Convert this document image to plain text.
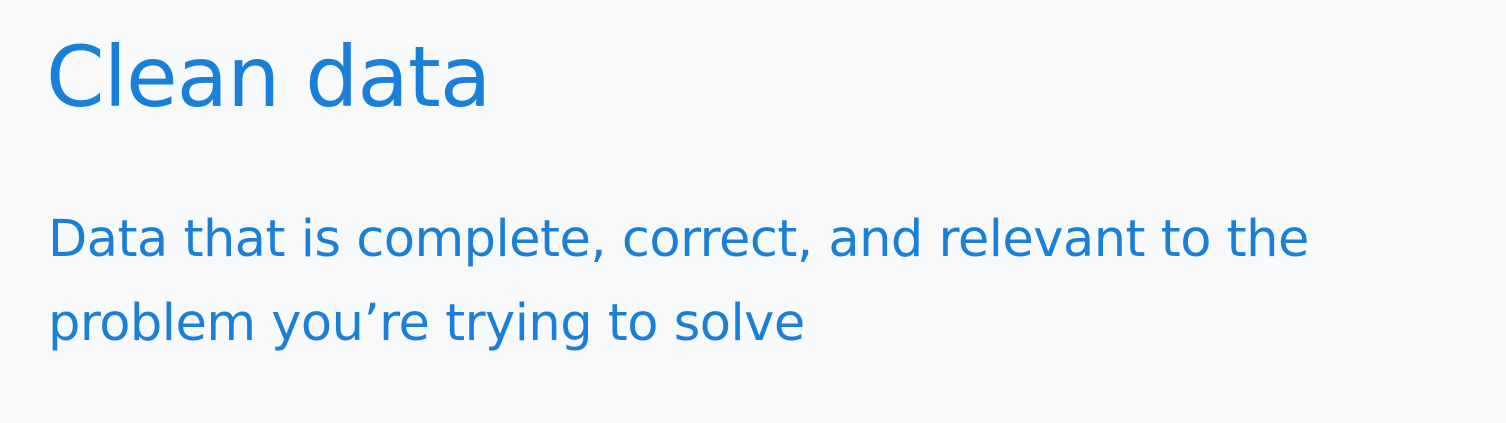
Clean data
Data that is complete, correct, and relevant to the problem you’re trying to solve
